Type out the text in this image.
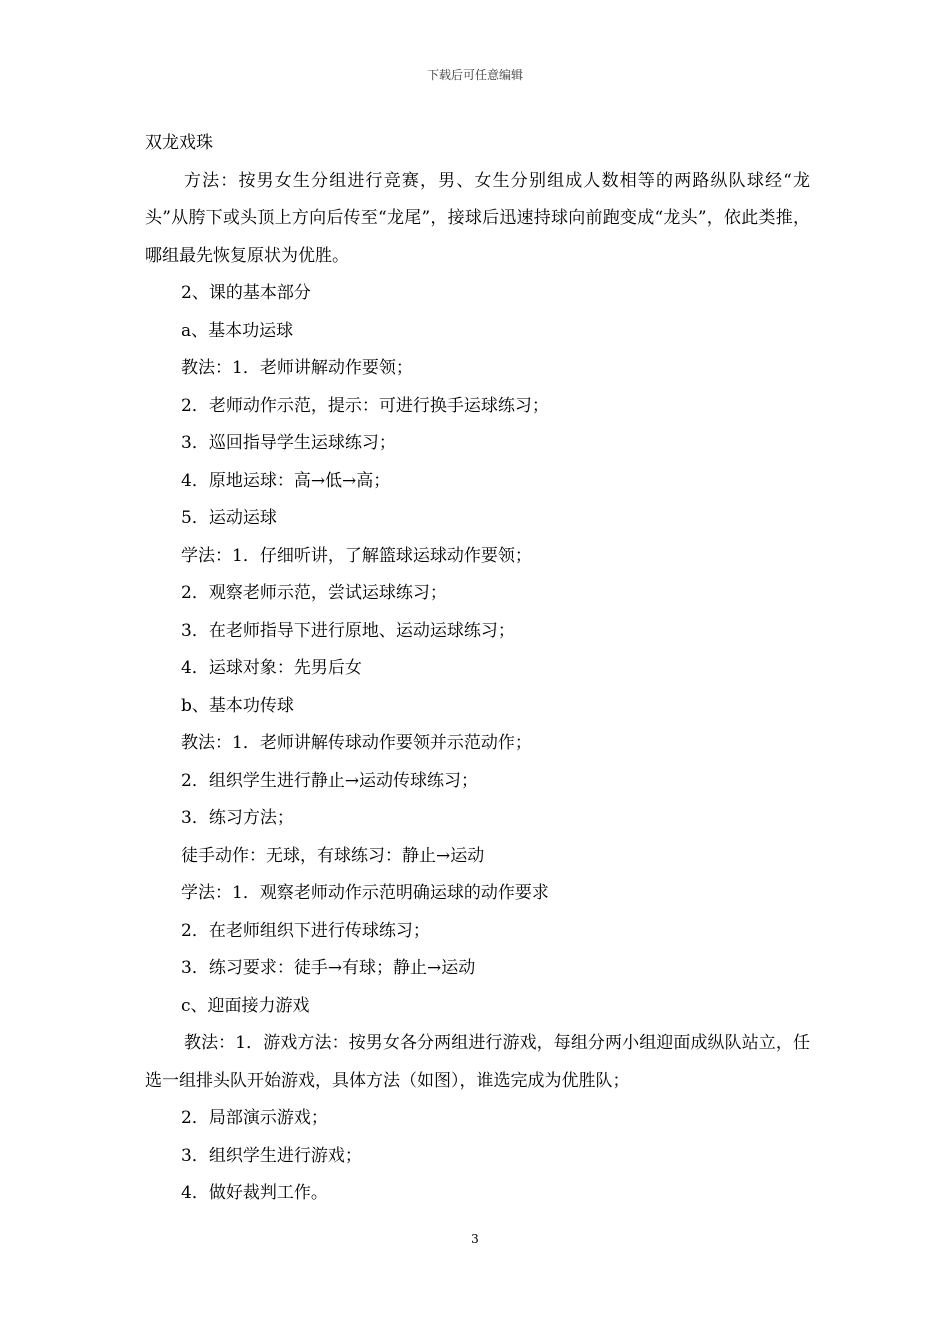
下载后可任意编辑
双龙戏珠

方法：按男女生分组进行竞赛，男、女生分别组成人数相等的两路纵队球经“龙头”从胯下或头顶上方向后传至“龙尾”，接球后迅速持球向前跑变成“龙头”，依此类推，哪组最先恢复原状为优胜。

2、课的基本部分
a、基本功运球
教法：1．老师讲解动作要领；
2．老师动作示范，提示：可进行换手运球练习；
3．巡回指导学生运球练习；
4．原地运球：高→低→高；
5．运动运球
学法：1．仔细听讲，了解篮球运球动作要领；
2．观察老师示范，尝试运球练习；
3．在老师指导下进行原地、运动运球练习；
4．运球对象：先男后女
b、基本功传球
教法：1．老师讲解传球动作要领并示范动作；
2．组织学生进行静止→运动传球练习；
3．练习方法；
徒手动作：无球，有球练习：静止→运动
学法：1．观察老师动作示范明确运球的动作要求
2．在老师组织下进行传球练习；
3．练习要求：徒手→有球；静止→运动
c、迎面接力游戏

教法：1．游戏方法：按男女各分两组进行游戏，每组分两小组迎面成纵队站立，任选一组排头队开始游戏，具体方法（如图），谁选完成为优胜队；

2．局部演示游戏；
3．组织学生进行游戏；
4．做好裁判工作。
3
